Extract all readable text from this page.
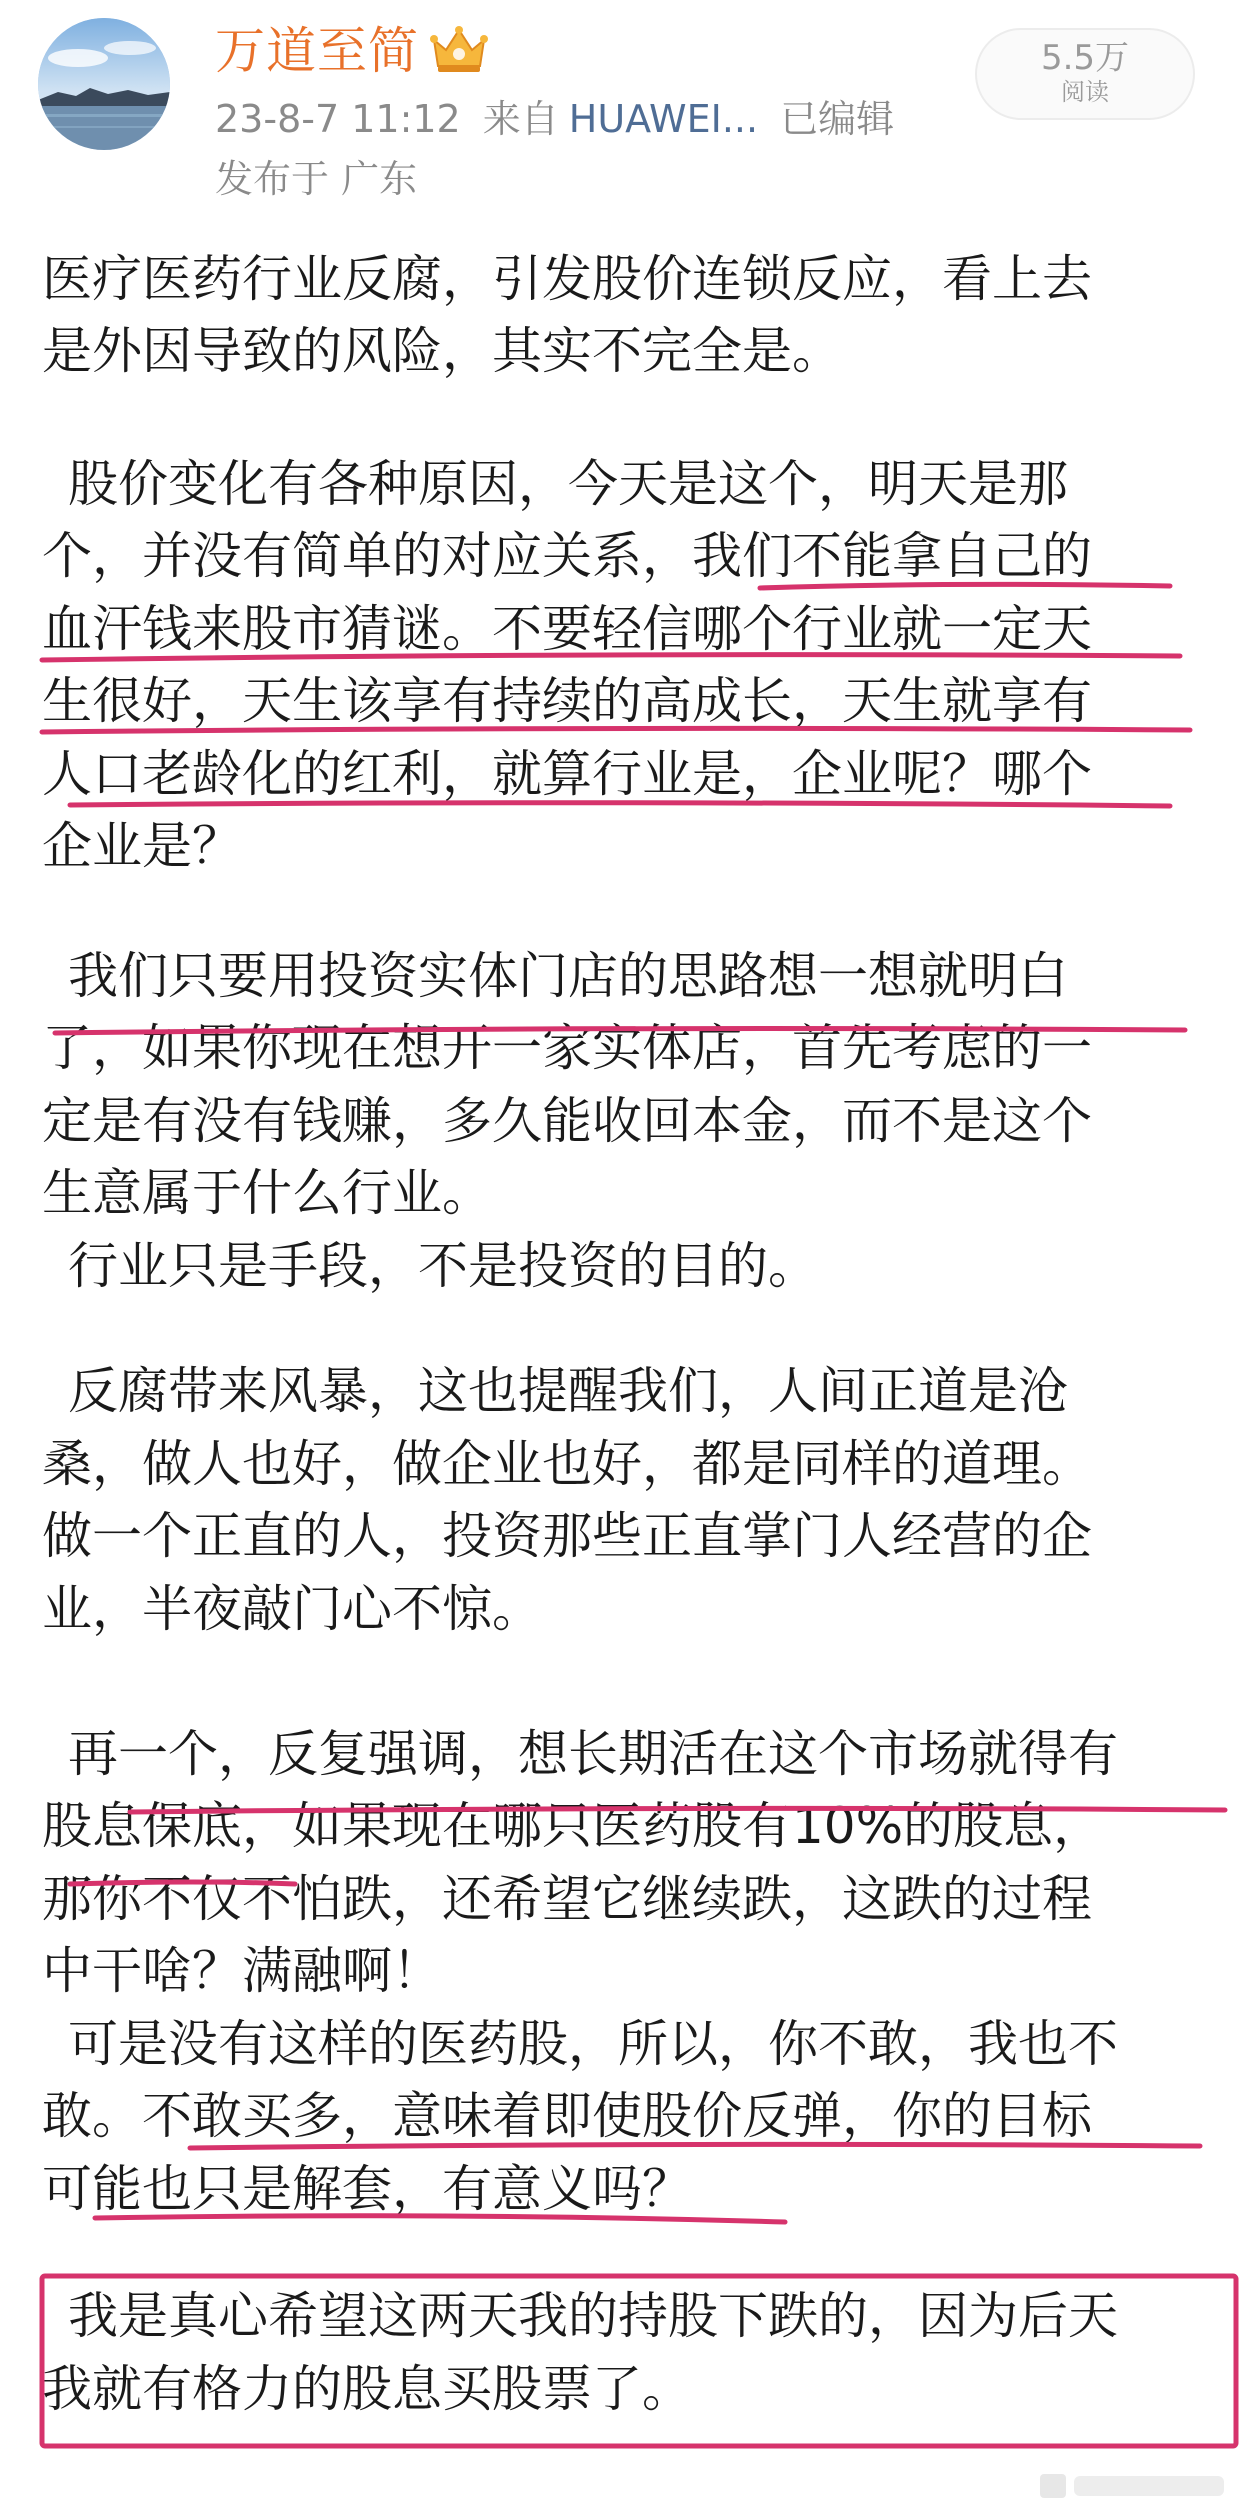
万道至简
23-8-7 11:12 来自 HUAWEI... 已编辑
发布于 广东
5.5万
阅读
医疗医药行业反腐，引发股价连锁反应，看上去
是外因导致的风险，其实不完全是。
股价变化有各种原因，今天是这个，明天是那
个，并没有简单的对应关系，我们不能拿自己的
血汗钱来股市猜谜。不要轻信哪个行业就一定天
生很好，天生该享有持续的高成长，天生就享有
人口老龄化的红利，就算行业是，企业呢？哪个
企业是？
我们只要用投资实体门店的思路想一想就明白
了，如果你现在想开一家实体店，首先考虑的一
定是有没有钱赚，多久能收回本金，而不是这个
生意属于什么行业。
行业只是手段，不是投资的目的。
反腐带来风暴，这也提醒我们，人间正道是沧
桑，做人也好，做企业也好，都是同样的道理。
做一个正直的人，投资那些正直掌门人经营的企
业，半夜敲门心不惊。
再一个，反复强调，想长期活在这个市场就得有
股息保底，如果现在哪只医药股有10%的股息，
那你不仅不怕跌，还希望它继续跌，这跌的过程
中干啥？满融啊！
可是没有这样的医药股，所以，你不敢，我也不
敢。不敢买多，意味着即使股价反弹，你的目标
可能也只是解套，有意义吗？
我是真心希望这两天我的持股下跌的，因为后天
我就有格力的股息买股票了。
